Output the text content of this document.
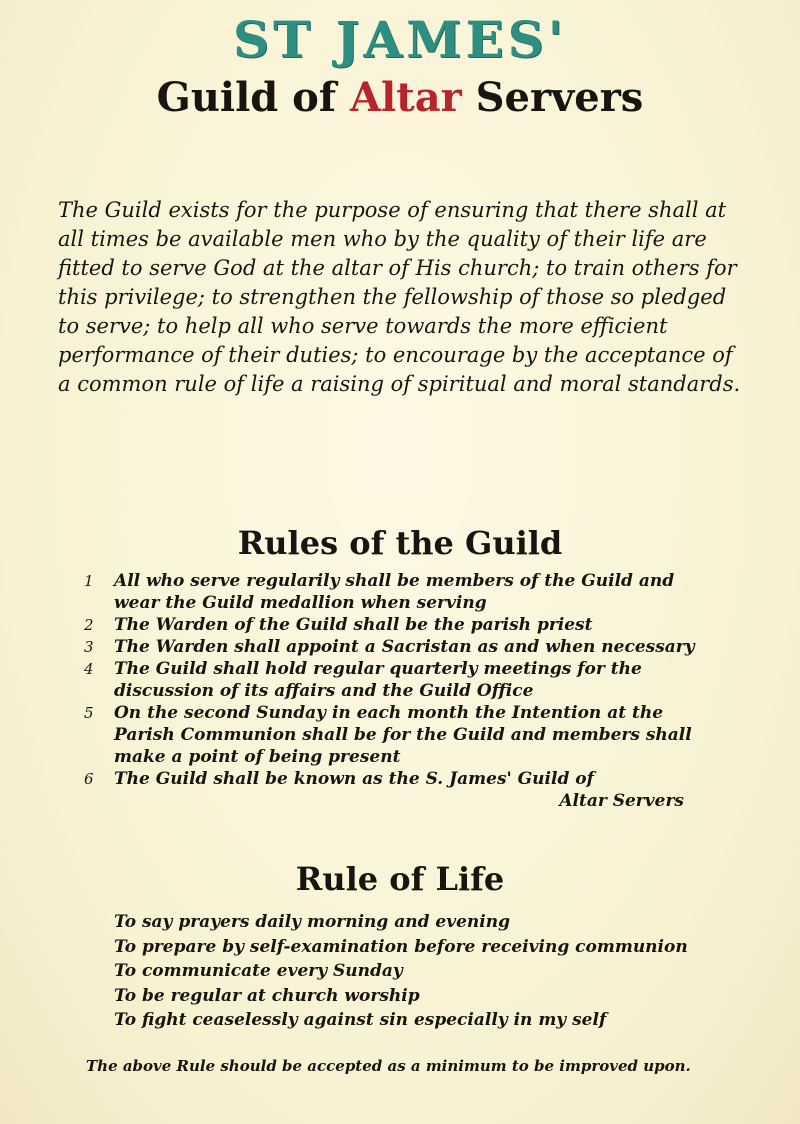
ST JAMES'
Guild of Altar Servers
The Guild exists for the purpose of ensuring that there shall at all times be available men who by the quality of their life are fitted to serve God at the altar of His church; to train others for this privilege; to strengthen the fellowship of those so pledged to serve; to help all who serve towards the more efficient performance of their duties; to encourage by the acceptance of a common rule of life a raising of spiritual and moral standards.
Rules of the Guild
1	All who serve regularily shall be members of the Guild and wear the Guild medallion when serving
2	The Warden of the Guild shall be the parish priest
3	The Warden shall appoint a Sacristan as and when necessary
4	The Guild shall hold regular quarterly meetings for the discussion of its affairs and the Guild Office
5	On the second Sunday in each month the Intention at the Parish Communion shall be for the Guild and members shall make a point of being present
6	The Guild shall be known as the S. James' Guild of
Altar Servers
Rule of Life
To say prayers daily morning and evening
To prepare by self-examination before receiving communion
To communicate every Sunday
To be regular at church worship
To fight ceaselessly against sin especially in my self
The above Rule should be accepted as a minimum to be improved upon.
